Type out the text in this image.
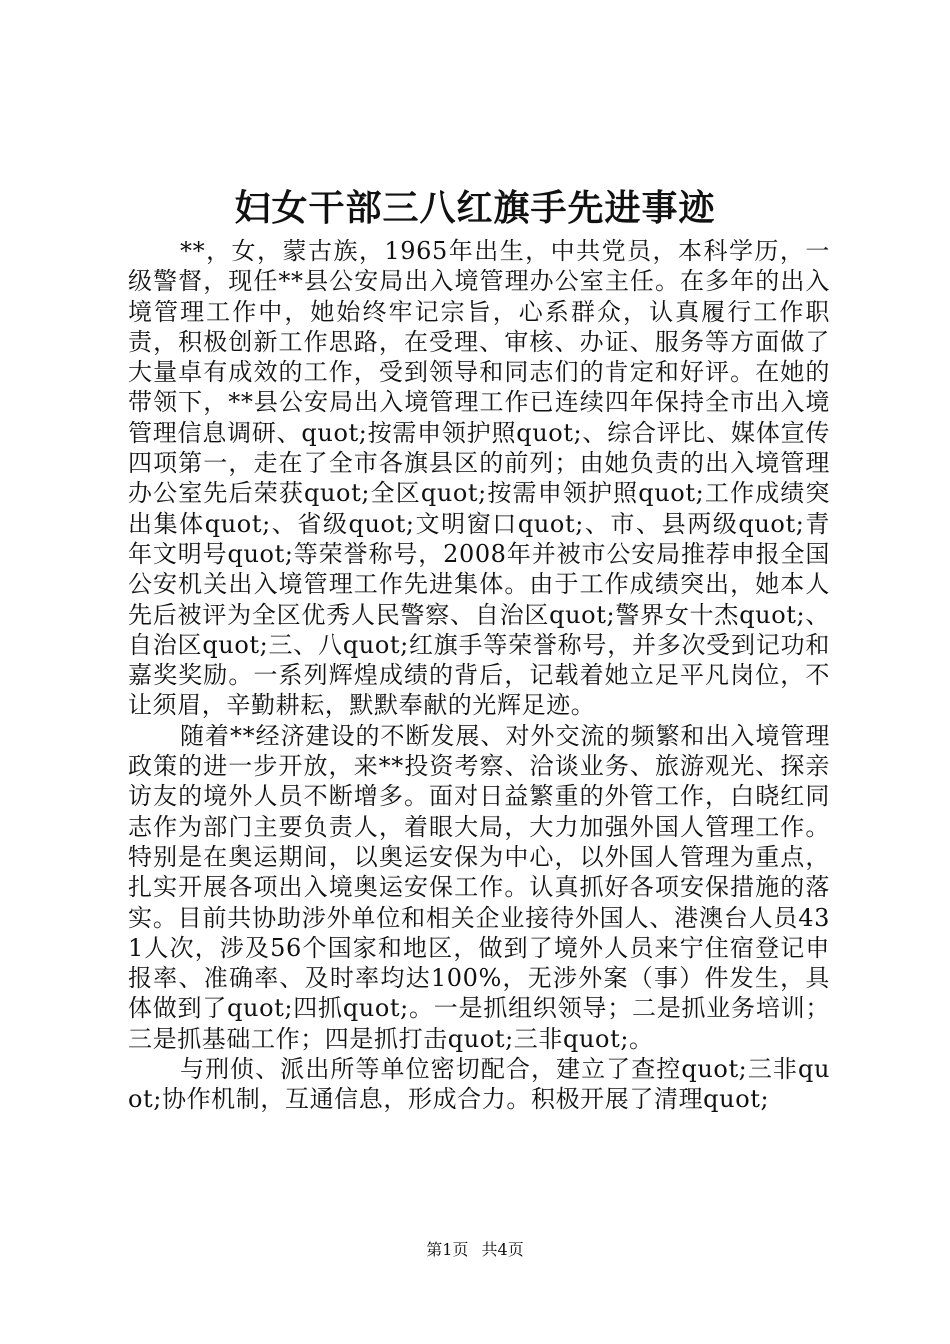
妇女干部三八红旗手先进事迹

**，女，蒙古族，1965年出生，中共党员，本科学历，一级警督，现任**县公安局出入境管理办公室主任。在多年的出入境管理工作中，她始终牢记宗旨，心系群众，认真履行工作职责，积极创新工作思路，在受理、审核、办证、服务等方面做了大量卓有成效的工作，受到领导和同志们的肯定和好评。在她的带领下，**县公安局出入境管理工作已连续四年保持全市出入境管理信息调研、quot;按需申领护照quot;、综合评比、媒体宣传四项第一，走在了全市各旗县区的前列；由她负责的出入境管理办公室先后荣获quot;全区quot;按需申领护照quot;工作成绩突出集体quot;、省级quot;文明窗口quot;、市、县两级quot;青年文明号quot;等荣誉称号，2008年并被市公安局推荐申报全国公安机关出入境管理工作先进集体。由于工作成绩突出，她本人先后被评为全区优秀人民警察、自治区quot;警界女十杰quot;、自治区quot;三、八quot;红旗手等荣誉称号，并多次受到记功和嘉奖奖励。一系列辉煌成绩的背后，记载着她立足平凡岗位，不让须眉，辛勤耕耘，默默奉献的光辉足迹。

随着**经济建设的不断发展、对外交流的频繁和出入境管理政策的进一步开放，来**投资考察、洽谈业务、旅游观光、探亲访友的境外人员不断增多。面对日益繁重的外管工作，白晓红同志作为部门主要负责人，着眼大局，大力加强外国人管理工作。特别是在奥运期间，以奥运安保为中心，以外国人管理为重点，扎实开展各项出入境奥运安保工作。认真抓好各项安保措施的落实。目前共协助涉外单位和相关企业接待外国人、港澳台人员431人次，涉及56个国家和地区，做到了境外人员来宁住宿登记申报率、准确率、及时率均达100%，无涉外案（事）件发生，具体做到了quot;四抓quot;。一是抓组织领导；二是抓业务培训；三是抓基础工作；四是抓打击quot;三非quot;。

与刑侦、派出所等单位密切配合，建立了查控quot;三非quot;协作机制，互通信息，形成合力。积极开展了清理quot;

第1页 共4页
